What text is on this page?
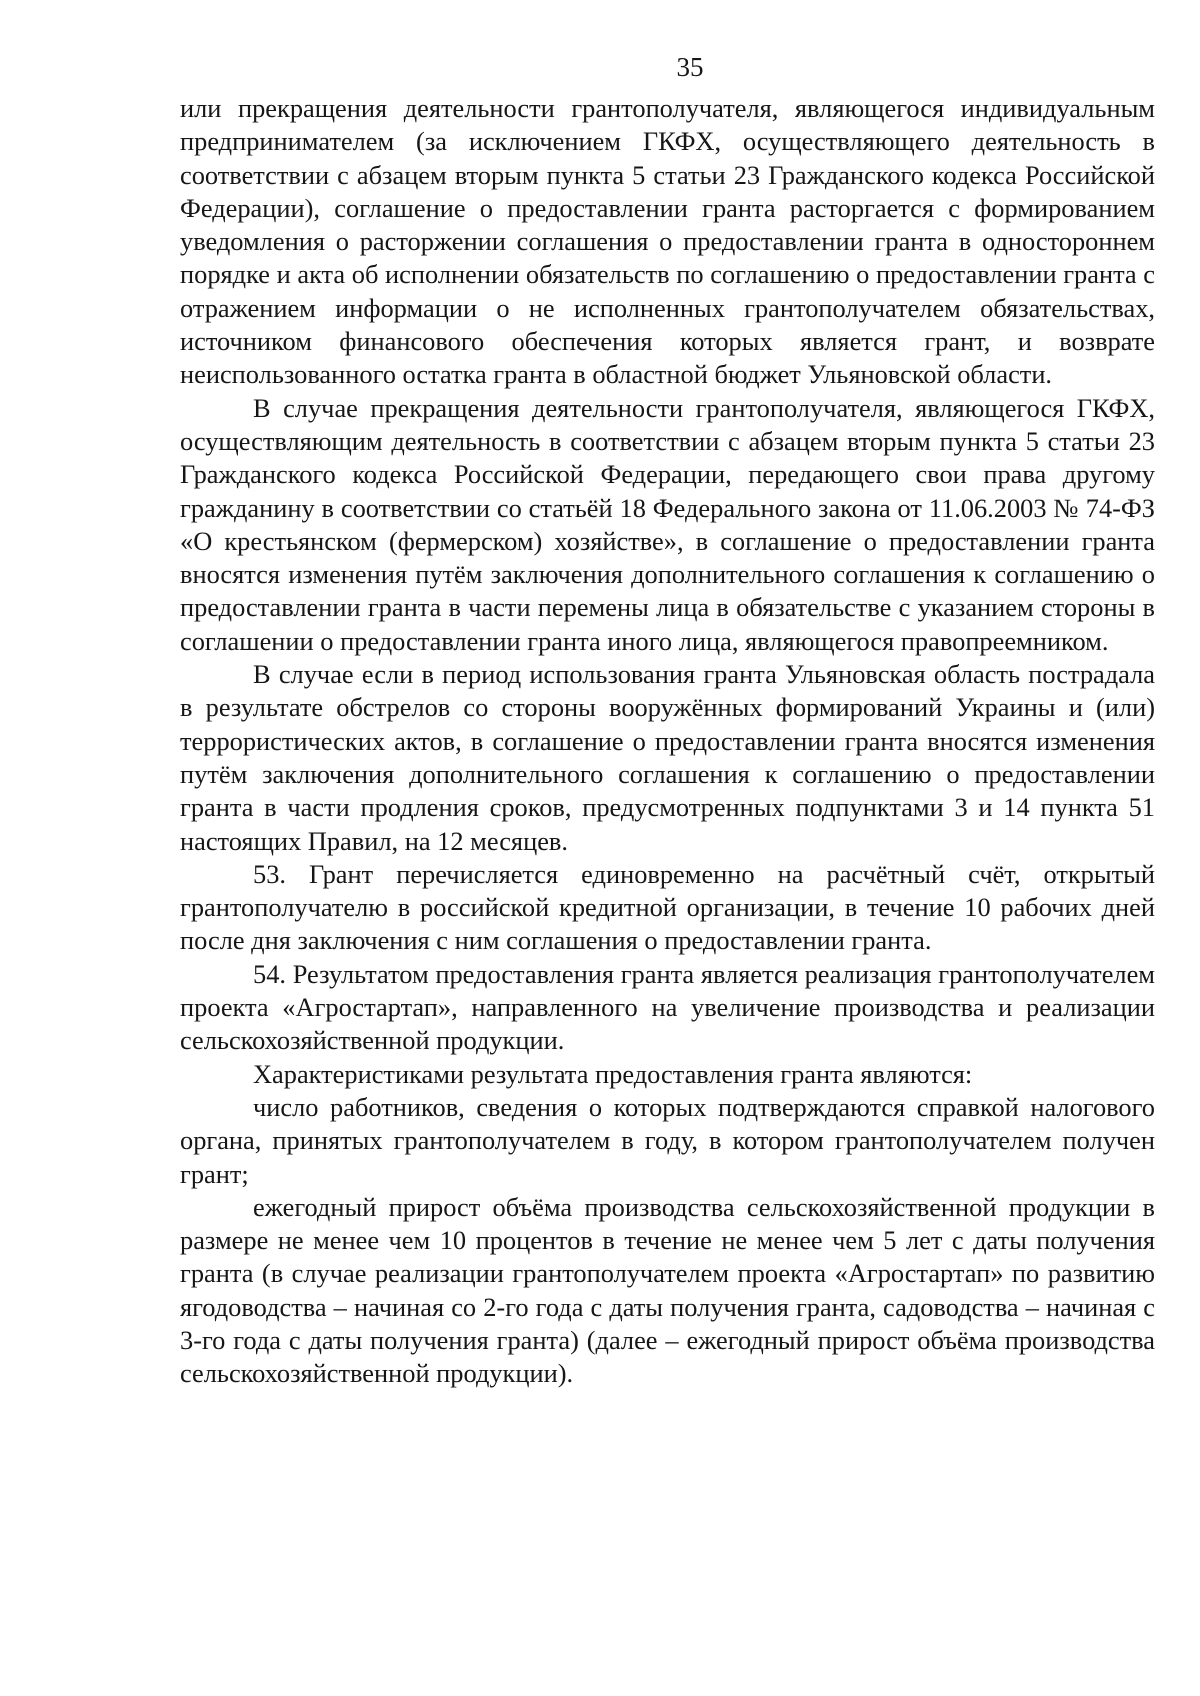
35

или прекращения деятельности грантополучателя, являющегося индивидуальным предпринимателем (за исключением ГКФХ, осуществляющего деятельность в соответствии с абзацем вторым пункта 5 статьи 23 Гражданского кодекса Российской Федерации), соглашение о предоставлении гранта расторгается с формированием уведомления о расторжении соглашения о предоставлении гранта в одностороннем порядке и акта об исполнении обязательств по соглашению о предоставлении гранта с отражением информации о не исполненных грантополучателем обязательствах, источником финансового обеспечения которых является грант, и возврате неиспользованного остатка гранта в областной бюджет Ульяновской области.

В случае прекращения деятельности грантополучателя, являющегося ГКФХ, осуществляющим деятельность в соответствии с абзацем вторым пункта 5 статьи 23 Гражданского кодекса Российской Федерации, передающего свои права другому гражданину в соответствии со статьёй 18 Федерального закона от 11.06.2003 № 74-ФЗ «О крестьянском (фермерском) хозяйстве», в соглашение о предоставлении гранта вносятся изменения путём заключения дополнительного соглашения к соглашению о предоставлении гранта в части перемены лица в обязательстве с указанием стороны в соглашении о предоставлении гранта иного лица, являющегося правопреемником.

В случае если в период использования гранта Ульяновская область пострадала в результате обстрелов со стороны вооружённых формирований Украины и (или) террористических актов, в соглашение о предоставлении гранта вносятся изменения путём заключения дополнительного соглашения к соглашению о предоставлении гранта в части продления сроков, предусмотренных подпунктами 3 и 14 пункта 51 настоящих Правил, на 12 месяцев.

53. Грант перечисляется единовременно на расчётный счёт, открытый грантополучателю в российской кредитной организации, в течение 10 рабочих дней после дня заключения с ним соглашения о предоставлении гранта.

54. Результатом предоставления гранта является реализация грантополучателем проекта «Агростартап», направленного на увеличение производства и реализации сельскохозяйственной продукции.

Характеристиками результата предоставления гранта являются:

число работников, сведения о которых подтверждаются справкой налогового органа, принятых грантополучателем в году, в котором грантополучателем получен грант;

ежегодный прирост объёма производства сельскохозяйственной продукции в размере не менее чем 10 процентов в течение не менее чем 5 лет с даты получения гранта (в случае реализации грантополучателем проекта «Агростартап» по развитию ягодоводства – начиная со 2-го года с даты получения гранта, садоводства – начиная с 3-го года с даты получения гранта) (далее – ежегодный прирост объёма производства сельскохозяйственной продукции).
